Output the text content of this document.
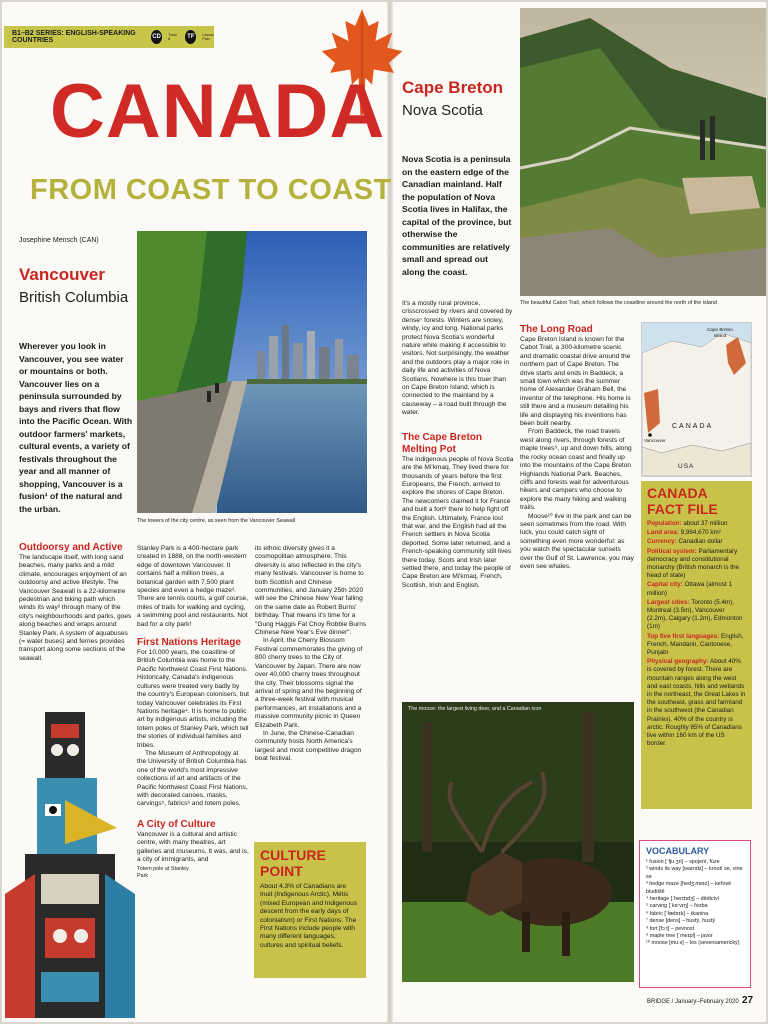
B1–B2 SERIES: ENGLISH-SPEAKING COUNTRIES	CD	Track 8	TF	Lesson Plan
CANADA
FROM COAST TO COAST
Josephine Mensch (CAN)
Vancouver
British Columbia
Wherever you look in Vancouver, you see water or mountains or both. Vancouver lies on a peninsula surrounded by bays and rivers that flow into the Pacific Ocean. With outdoor farmers' markets, cultural events, a variety of festivals throughout the year and all manner of shopping, Vancouver is a fusion¹ of the natural and the urban.
The towers of the city centre, as seen from the Vancouver Seawall
Outdoorsy and Active

The landscape itself, with long sand beaches, many parks and a mild climate, encourages enjoyment of an outdoorsy and active lifestyle. The Vancouver Seawall is a 22-kilometre pedestrian and biking path which winds its way² through many of the city's neighbourhoods and parks, goes along beaches and wraps around Stanley Park. A system of aquabuses (= water buses) and ferries provides transport along some sections of the seawall.

Stanley Park is a 400-hectare park created in 1888, on the north-western edge of downtown Vancouver. It contains half a million trees, a botanical garden with 7,500 plant species and even a hedge maze³. There are tennis courts, a golf course, miles of trails for walking and cycling, a swimming pool and restaurants. Not bad for a city park!

First Nations Heritage

For 10,000 years, the coastline of British Columbia was home to the Pacific Northwest Coast First Nations. Historically, Canada's indigenous cultures were treated very badly by the country's European colonisers, but today Vancouver celebrates its First Nations heritage⁴. It is home to public art by indigenous artists, including the totem poles of Stanley Park, which tell the stories of individual families and tribes.

The Museum of Anthropology at the University of British Columbia has one of the world's most impressive collections of art and artifacts of the Pacific Northwest Coast First Nations, with decorated canoes, masks, carvings⁵, fabrics⁶ and totem poles.

A City of Culture

Vancouver is a cultural and artistic centre, with many theatres, art galleries and museums. It was, and is, a city of immigrants, and

Totem pole at Stanley Park

its ethnic diversity gives it a cosmopolitan atmosphere. This diversity is also reflected in the city's many festivals. Vancouver is home to both Scottish and Chinese communities, and January 25th 2020 will see the Chinese New Year falling on the same date as Robert Burns' birthday. That means it's time for a "Gung Haggis Fat Choy Robbie Burns Chinese New Year's Eve dinner".

In April, the Cherry Blossom Festival commemorates the giving of 800 cherry trees to the City of Vancouver by Japan. There are now over 40,000 cherry trees throughout the city. Their blossoms signal the arrival of spring and the beginning of a three-week festival with musical performances, art installations and a massive community picnic in Queen Elizabeth Park.

In June, the Chinese-Canadian community hosts North America's largest and most competitive dragon boat festival.

CULTURE POINT

About 4.3% of Canadians are Inuit (Indigenous Arctic), Métis (mixed European and Indigenous descent from the early days of colonialism) or First Nations. The First Nations include people with many different languages, cultures and spiritual beliefs.

Cape Breton
Nova Scotia
Nova Scotia is a peninsula on the eastern edge of the Canadian mainland. Half the population of Nova Scotia lives in Halifax, the capital of the province, but otherwise the communities are relatively small and spread out along the coast.
The beautiful Cabot Trail, which follows the coastline around the north of the island

It's a mostly rural province, crisscrossed by rivers and covered by dense⁷ forests. Winters are snowy, windy, icy and long. National parks protect Nova Scotia's wonderful nature while making it accessible to visitors. Not surprisingly, the weather and the outdoors play a major role in daily life and activities of Nova Scotians. Nowhere is this truer than on Cape Breton Island, which is connected to the mainland by a causeway – a road built through the water.

The Cape Breton Melting Pot

The indigenous people of Nova Scotia are the Mi'kmaq. They lived there for thousands of years before the first Europeans, the French, arrived to explore the shores of Cape Breton. The newcomers claimed it for France and built a fort⁸ there to help fight off the English. Ultimately, France lost that war, and the English had all the French settlers in Nova Scotia deported. Some later returned, and a French-speaking community still lives there today. Scots and Irish later settled there, and today the people of Cape Breton are Mi'kmaq, French, Scottish, Irish and English.

The Long Road

Cape Breton Island is known for the Cabot Trail, a 300-kilometre scenic and dramatic coastal drive around the northern part of Cape Breton. The drive starts and ends in Baddeck, a small town which was the summer home of Alexander Graham Bell, the inventor of the telephone. His home is still there and a museum detailing his life and displaying his inventions has been built nearby.

From Baddeck, the road travels west along rivers, through forests of maple trees⁹, up and down hills, along the rocky ocean coast and finally up into the mountains of the Cape Breton Highlands National Park. Beaches, cliffs and forests wait for adventurous hikers and campers who choose to explore the many hiking and walking trails.

Moose¹⁰ live in the park and can be seen sometimes from the road. With luck, you could catch sight of something even more wonderful: as you watch the spectacular sunsets over the Gulf of St. Lawrence, you may even see whales.

Cape Breton Island
CANADA
USA
Vancouver
CANADA FACT FILE
Population: about 37 million
Land area: 9,984,670 km²
Currency: Canadian dollar
Political system: Parliamentary democracy and constitutional monarchy (British monarch is the head of state)
Capital city: Ottawa (almost 1 million)
Largest cities: Toronto (5.4m), Montreal (3.5m), Vancouver (2.2m), Calgary (1.2m), Edmonton (1m)
Top five first languages: English, French, Mandarin, Cantonese, Punjabi
Physical geography: About 40% is covered by forest. There are mountain ranges along the west and east coasts, hills and wetlands in the northeast, the Great Lakes in the southeast, grass and farmland in the southwest (the Canadian Prairies). 40% of the country is arctic. Roughly 85% of Canadians live within 160 km of the US border.
The moose: the largest living deer, and a Canadian icon
VOCABULARY
¹ fusion [ˈfjuːʒn] – spojení, fúze
² winds its way [waɪndz] – kroutí se, vine se
³ hedge maze [hedʒ meɪz] – keřové bludiště
⁴ heritage [ˈherɪtɪdʒ] – dědictví
⁵ carving [ˈkɑːvɪŋ] – řezba
⁶ fabric [ˈfæbrɪk] – tkanina
⁷ dense [dens] – hustý, hustý
⁸ fort [fɔːt] – pevnost
⁹ maple tree [ˈmeɪpl] – javor
¹⁰ moose [muːs] – los (severoamerický)
BRIDGE / January–February 2020 27
